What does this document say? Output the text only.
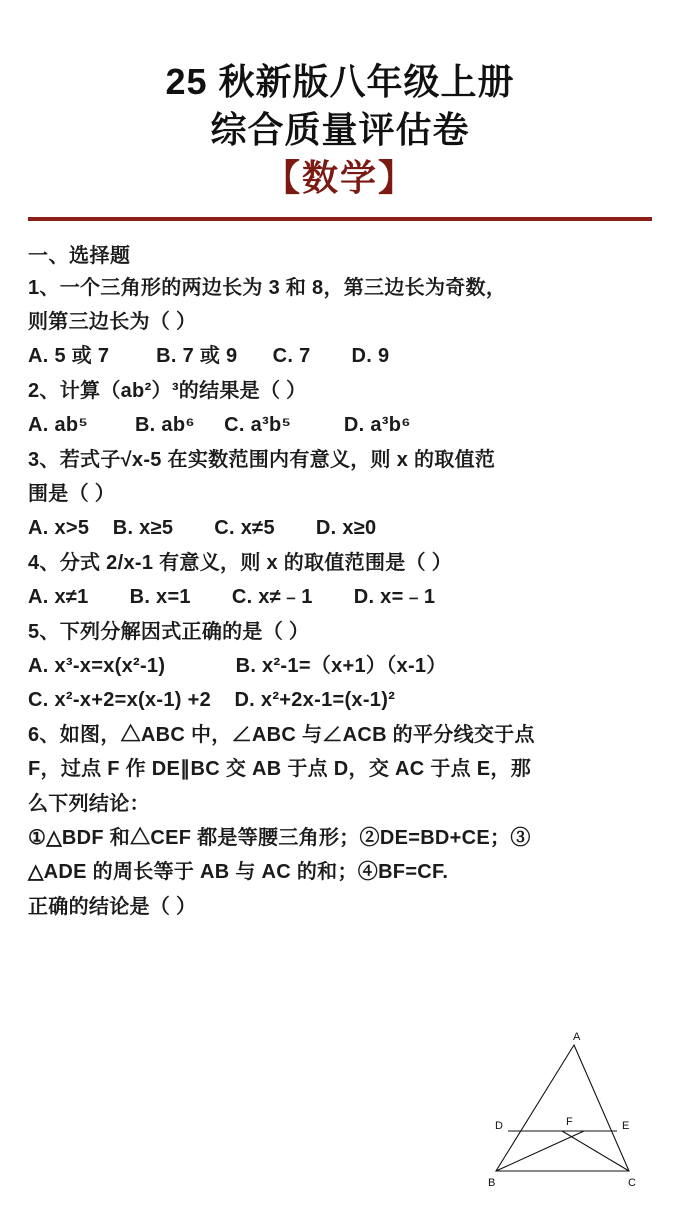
25 秋新版八年级上册
综合质量评估卷
【数学】
一、选择题
1、一个三角形的两边长为 3 和 8，第三边长为奇数，
则第三边长为（ ）
A. 5 或 7        B. 7 或 9      C. 7       D. 9
2、计算（ab²）³的结果是（ ）
A. ab⁵        B. ab⁶     C. a³b⁵         D. a³b⁶
3、若式子√x-5 在实数范围内有意义，则 x 的取值范
围是（ ）
A. x>5    B. x≥5       C. x≠5       D. x≥0
4、分式 2/x-1 有意义，则 x 的取值范围是（ ）
A. x≠1       B. x=1       C. x≠﹣1       D. x=﹣1
5、下列分解因式正确的是（ ）
A. x³-x=x(x²-1)            B. x²-1=（x+1）（x-1）
C. x²-x+2=x(x-1) +2    D. x²+2x-1=(x-1)²
6、如图，△ABC 中，∠ABC 与∠ACB 的平分线交于点
F，过点 F 作 DE∥BC 交 AB 于点 D，交 AC 于点 E，那
么下列结论：
①△BDF 和△CEF 都是等腰三角形；②DE=BD+CE；③
△ADE 的周长等于 AB 与 AC 的和；④BF=CF.
正确的结论是（ ）
A
B	C
D	E
F
